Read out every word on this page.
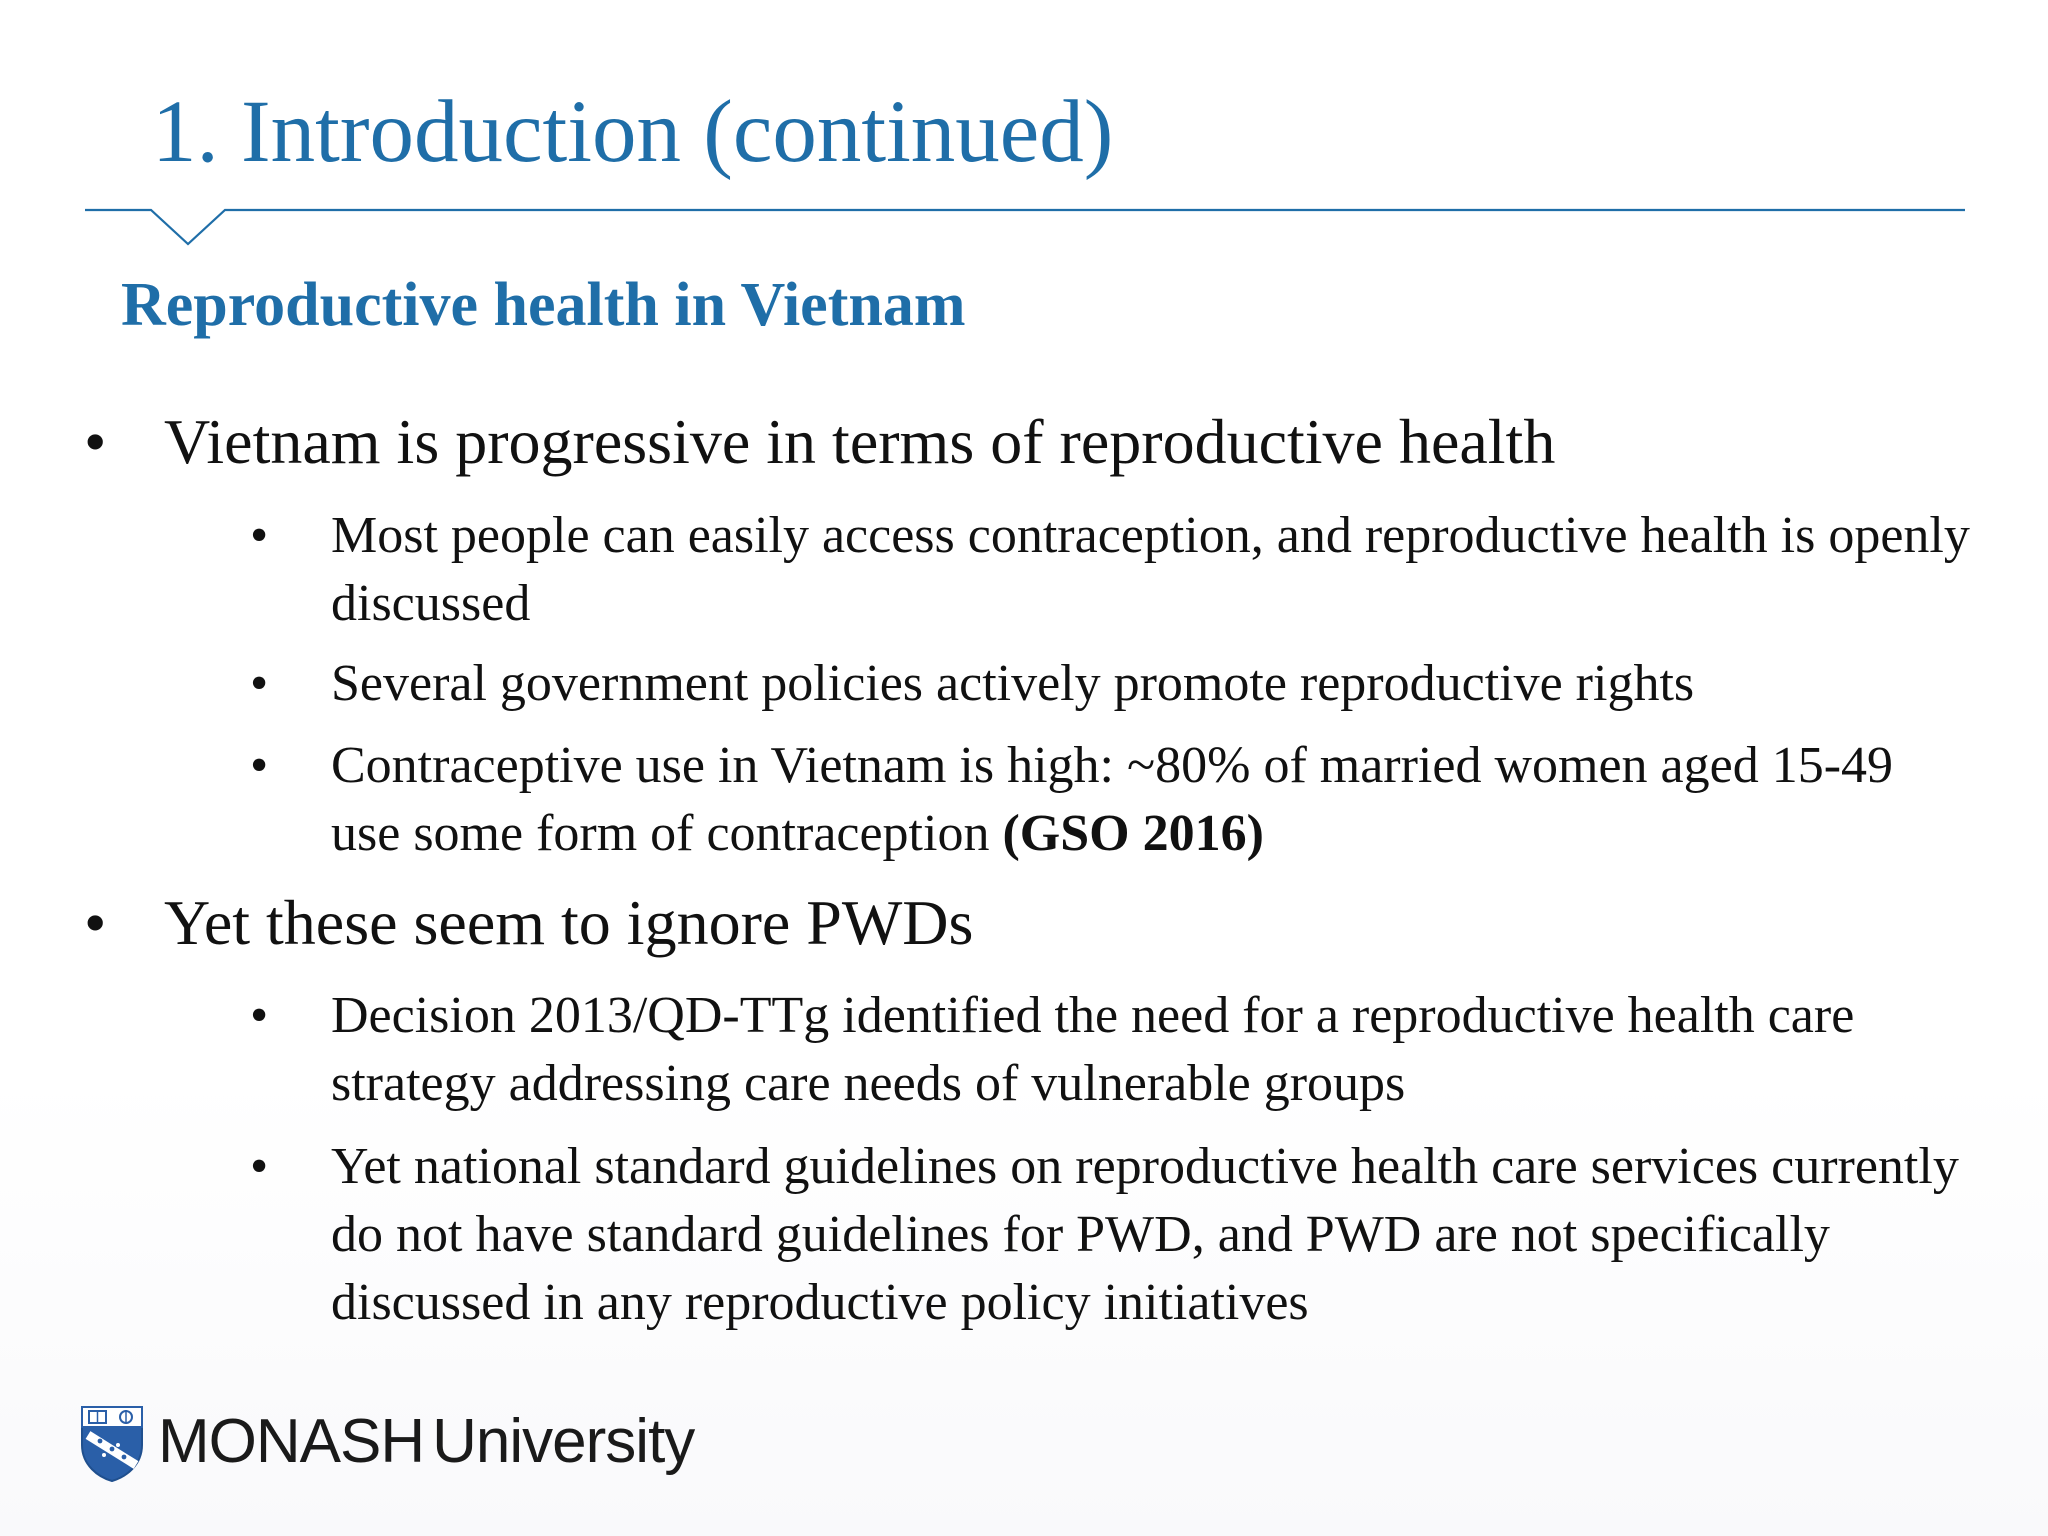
1. Introduction (continued)
Reproductive health in Vietnam
• Vietnam is progressive in terms of reproductive health
• Most people can easily access contraception, and reproductive health is openly discussed
• Several government policies actively promote reproductive rights
• Contraceptive use in Vietnam is high: ~80% of married women aged 15-49 use some form of contraception (GSO 2016)
• Yet these seem to ignore PWDs
• Decision 2013/QD-TTg identified the need for a reproductive health care strategy addressing care needs of vulnerable groups
• Yet national standard guidelines on reproductive health care services currently do not have standard guidelines for PWD, and PWD are not specifically discussed in any reproductive policy initiatives
MONASH University
